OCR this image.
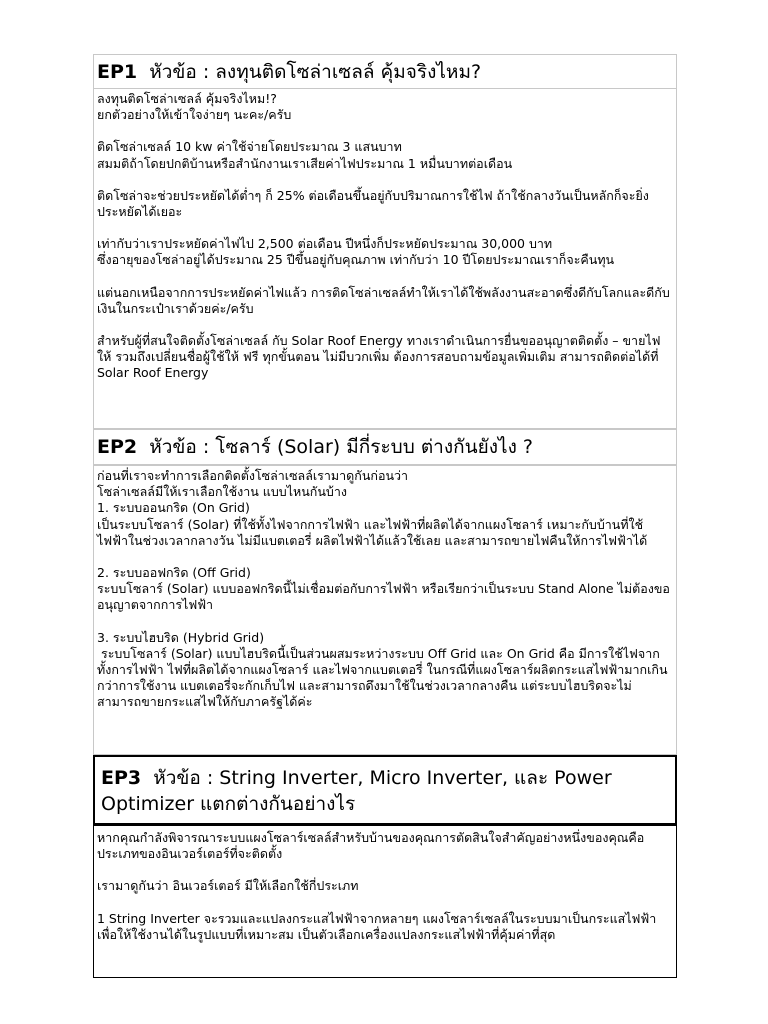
EP1 หัวข้อ : ลงทุนติดโซล่าเซลล์ คุ้มจริงไหม?

ลงทุนติดโซล่าเซลล์ คุ้มจริงไหม!?
ยกตัวอย่างให้เข้าใจง่ายๆ นะคะ/ครับ

ติดโซล่าเซลล์ 10 kw ค่าใช้จ่ายโดยประมาณ 3 แสนบาท
สมมติถ้าโดยปกติบ้านหรือสำนักงานเราเสียค่าไฟประมาณ 1 หมื่นบาทต่อเดือน

ติดโซล่าจะช่วยประหยัดได้ต่ำๆ ก็ 25% ต่อเดือนขึ้นอยู่กับปริมาณการใช้ไฟ ถ้าใช้กลางวันเป็นหลักก็จะยิ่งประหยัดได้เยอะ

เท่ากับว่าเราประหยัดค่าไฟไป 2,500 ต่อเดือน ปีหนึ่งก็ประหยัดประมาณ 30,000 บาท
ซึ่งอายุของโซล่าอยู่ได้ประมาณ 25 ปีขึ้นอยู่กับคุณภาพ เท่ากับว่า 10 ปีโดยประมาณเราก็จะคืนทุน

แต่นอกเหนือจากการประหยัดค่าไฟแล้ว การติดโซล่าเซลล์ทำให้เราได้ใช้พลังงานสะอาดซึ่งดีกับโลกและดีกับเงินในกระเป๋าเราด้วยค่ะ/ครับ

สำหรับผู้ที่สนใจติดตั้งโซล่าเซลล์ กับ Solar Roof Energy ทางเราดำเนินการยื่นขออนุญาตติดตั้ง – ขายไฟให้ รวมถึงเปลี่ยนชื่อผู้ใช้ให้ ฟรี ทุกขั้นตอน ไม่มีบวกเพิ่ม ต้องการสอบถามข้อมูลเพิ่มเติม สามารถติดต่อได้ที่ Solar Roof Energy

EP2 หัวข้อ : โซลาร์ (Solar) มีกี่ระบบ ต่างกันยังไง ?

ก่อนที่เราจะทำการเลือกติดตั้งโซล่าเซลล์เรามาดูกันก่อนว่า
โซล่าเซลล์มีให้เราเลือกใช้งาน แบบไหนกันบ้าง
1. ระบบออนกริด (On Grid)
เป็นระบบโซลาร์ (Solar) ที่ใช้ทั้งไฟจากการไฟฟ้า และไฟฟ้าที่ผลิตได้จากแผงโซลาร์ เหมาะกับบ้านที่ใช้ไฟฟ้าในช่วงเวลากลางวัน ไม่มีแบตเตอรี่ ผลิตไฟฟ้าได้แล้วใช้เลย และสามารถขายไฟคืนให้การไฟฟ้าได้

2. ระบบออฟกริด (Off Grid)
ระบบโซลาร์ (Solar) แบบออฟกริดนี้ไม่เชื่อมต่อกับการไฟฟ้า หรือเรียกว่าเป็นระบบ Stand Alone ไม่ต้องขออนุญาตจากการไฟฟ้า

3. ระบบไฮบริด (Hybrid Grid)
ระบบโซลาร์ (Solar) แบบไฮบริดนี้เป็นส่วนผสมระหว่างระบบ Off Grid และ On Grid คือ มีการใช้ไฟจากทั้งการไฟฟ้า ไฟที่ผลิตได้จากแผงโซลาร์ และไฟจากแบตเตอรี่ ในกรณีที่แผงโซลาร์ผลิตกระแสไฟฟ้ามากเกินกว่าการใช้งาน แบตเตอรี่จะกักเก็บไฟ และสามารถดึงมาใช้ในช่วงเวลากลางคืน แต่ระบบไฮบริดจะไม่สามารถขายกระแสไฟให้กับภาครัฐได้ค่ะ

EP3 หัวข้อ : String Inverter, Micro Inverter, และ Power Optimizer แตกต่างกันอย่างไร

หากคุณกำลังพิจารณาระบบแผงโซลาร์เซลล์สำหรับบ้านของคุณการตัดสินใจสำคัญอย่างหนึ่งของคุณคือประเภทของอินเวอร์เตอร์ที่จะติดตั้ง

เรามาดูกันว่า อินเวอร์เตอร์ มีให้เลือกใช้กี่ประเภท

1 String Inverter จะรวมและแปลงกระแสไฟฟ้าจากหลายๆ แผงโซลาร์เซลล์ในระบบมาเป็นกระแสไฟฟ้าเพื่อให้ใช้งานได้ในรูปแบบที่เหมาะสม เป็นตัวเลือกเครื่องแปลงกระแสไฟฟ้าที่คุ้มค่าที่สุด
